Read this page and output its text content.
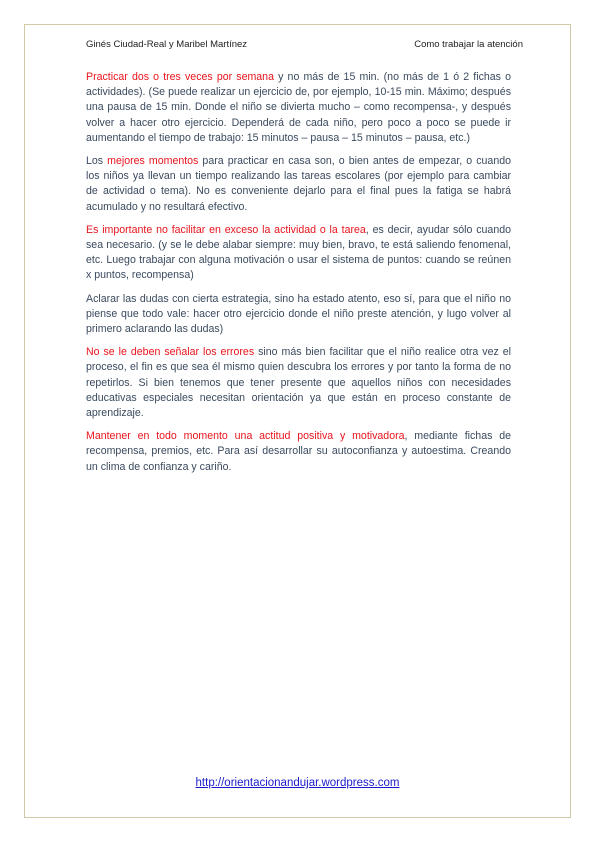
Ginés Ciudad-Real y Maribel Martínez	Como trabajar la atención

Practicar dos o tres veces por semana y no más de 15 min. (no más de 1 ó 2 fichas o actividades). (Se puede realizar un ejercicio de, por ejemplo, 10-15 min. Máximo; después una pausa de 15 min. Donde el niño se divierta mucho – como recompensa-, y después volver a hacer otro ejercicio. Dependerá de cada niño, pero poco a poco se puede ir aumentando el tiempo de trabajo: 15 minutos – pausa – 15 minutos – pausa, etc.)

Los mejores momentos para practicar en casa son, o bien antes de empezar, o cuando los niños ya llevan un tiempo realizando las tareas escolares (por ejemplo para cambiar de actividad o tema). No es conveniente dejarlo para el final pues la fatiga se habrá acumulado y no resultará efectivo.

Es importante no facilitar en exceso la actividad o la tarea, es decir, ayudar sólo cuando sea necesario. (y se le debe alabar siempre: muy bien, bravo, te está saliendo fenomenal, etc. Luego trabajar con alguna motivación o usar el sistema de puntos: cuando se reúnen x puntos, recompensa)

Aclarar las dudas con cierta estrategia, sino ha estado atento, eso sí, para que el niño no piense que todo vale: hacer otro ejercicio donde el niño preste atención, y lugo volver al primero aclarando las dudas)

No se le deben señalar los errores sino más bien facilitar que el niño realice otra vez el proceso, el fin es que sea él mismo quien descubra los errores y por tanto la forma de no repetirlos. Si bien tenemos que tener presente que aquellos niños con necesidades educativas especiales necesitan orientación ya que están en proceso constante de aprendizaje.

Mantener en todo momento una actitud positiva y motivadora, mediante fichas de recompensa, premios, etc. Para así desarrollar su autoconfianza y autoestima. Creando un clima de confianza y cariño.

http://orientacionandujar.wordpress.com
